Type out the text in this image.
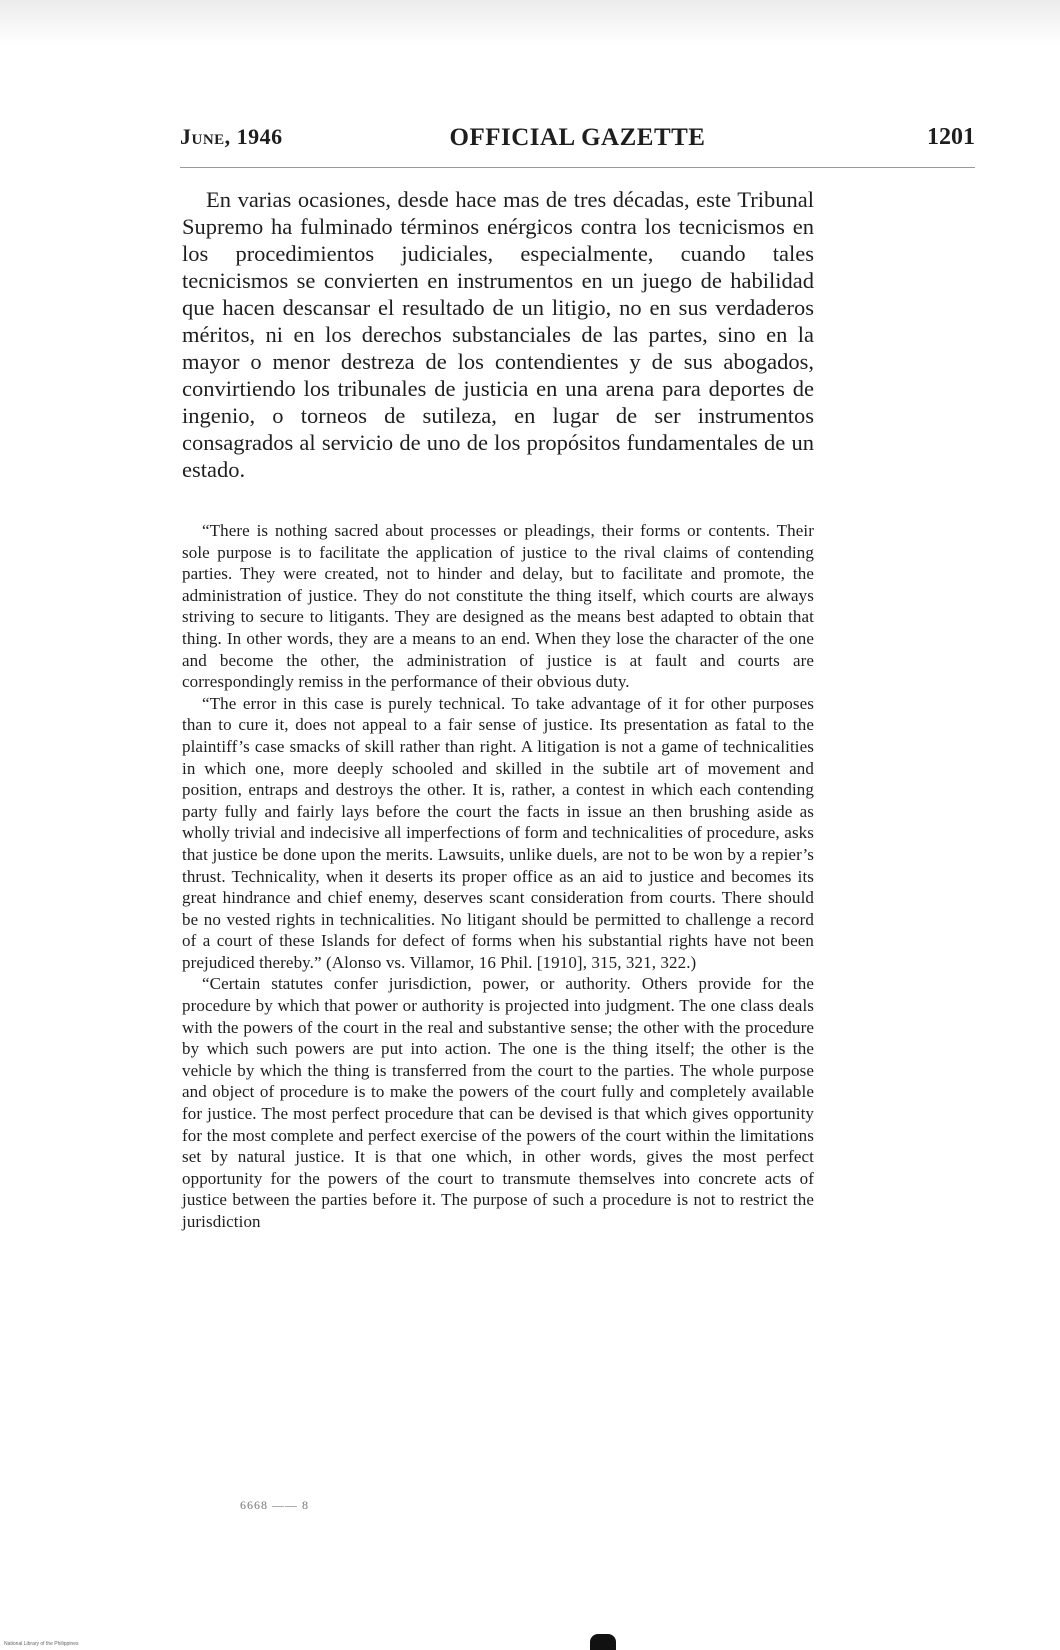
June, 1946	OFFICIAL GAZETTE	1201

En varias ocasiones, desde hace mas de tres décadas, este Tribunal Supremo ha fulminado términos enérgicos contra los tecnicismos en los procedimientos judiciales, especialmente, cuando tales tecnicismos se convierten en instrumentos en un juego de habilidad que hacen descansar el resultado de un litigio, no en sus verdaderos méritos, ni en los derechos substanciales de las partes, sino en la mayor o menor destreza de los contendientes y de sus abogados, convirtiendo los tribunales de justicia en una arena para deportes de ingenio, o torneos de sutileza, en lugar de ser instrumentos consagrados al servicio de uno de los propósitos fundamentales de un estado.

“There is nothing sacred about processes or pleadings, their forms or contents. Their sole purpose is to facilitate the application of justice to the rival claims of contending parties. They were created, not to hinder and delay, but to facilitate and promote, the administration of justice. They do not constitute the thing itself, which courts are always striving to secure to litigants. They are designed as the means best adapted to obtain that thing. In other words, they are a means to an end. When they lose the character of the one and become the other, the administration of justice is at fault and courts are correspondingly remiss in the performance of their obvious duty.

“The error in this case is purely technical. To take advantage of it for other purposes than to cure it, does not appeal to a fair sense of justice. Its presentation as fatal to the plaintiff’s case smacks of skill rather than right. A litigation is not a game of technicalities in which one, more deeply schooled and skilled in the subtile art of movement and position, entraps and destroys the other. It is, rather, a contest in which each contending party fully and fairly lays before the court the facts in issue an then brushing aside as wholly trivial and indecisive all imperfections of form and technicalities of procedure, asks that justice be done upon the merits. Lawsuits, unlike duels, are not to be won by a repier’s thrust. Technicality, when it deserts its proper office as an aid to justice and becomes its great hindrance and chief enemy, deserves scant consideration from courts. There should be no vested rights in technicalities. No litigant should be permitted to challenge a record of a court of these Islands for defect of forms when his substantial rights have not been prejudiced thereby.” (Alonso vs. Villamor, 16 Phil. [1910], 315, 321, 322.)

“Certain statutes confer jurisdiction, power, or authority. Others provide for the procedure by which that power or authority is projected into judgment. The one class deals with the powers of the court in the real and substantive sense; the other with the procedure by which such powers are put into action. The one is the thing itself; the other is the vehicle by which the thing is transferred from the court to the parties. The whole purpose and object of procedure is to make the powers of the court fully and completely available for justice. The most perfect procedure that can be devised is that which gives opportunity for the most complete and perfect exercise of the powers of the court within the limitations set by natural justice. It is that one which, in other words, gives the most perfect opportunity for the powers of the court to transmute themselves into concrete acts of justice between the parties before it. The purpose of such a procedure is not to restrict the jurisdiction

6668 —— 8
National Library of the Philippines
